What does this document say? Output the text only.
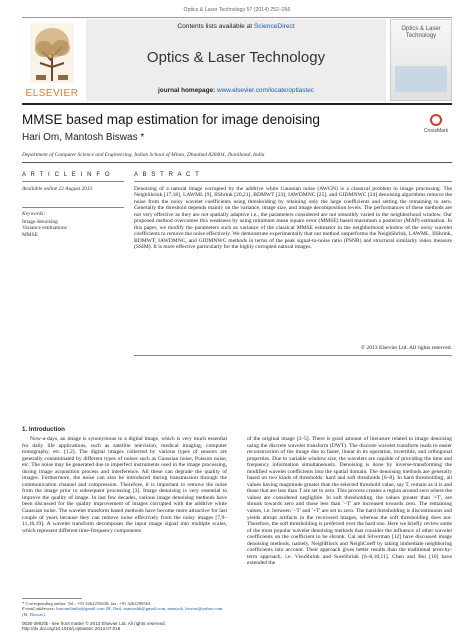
Optics & Laser Technology 57 (2014) 252–266
ELSEVIER
Contents lists available at ScienceDirect
Optics & Laser Technology
journal homepage: www.elsevier.com/locate/optlastec
Optics & Laser Technology
MMSE based map estimation for image denoising
Hari Om, Mantosh Biswas *
Department of Computer Science and Engineering, Indian School of Mines, Dhanbad 826004, Jharkhand, India
CrossMark
A R T I C L E I N F O
Available online 22 August 2013
Keywords:
Image denoising
Variance estimations
MMSE
A B S T R A C T
Denoising of a natural image corrupted by the additive white Gaussian noise (AWGN) is a classical problem in image processing. The NeighShrink [17,18], LAWML [9], IIShrink [20,21], BDMWT [23], IAWDMNC [25], and GIDMNWC [24] denoising algorithms remove the noise from the noisy wavelet coefficients using thresholding by retaining only the large coefficients and setting the remaining to zero. Generally the threshold depends mainly on the variance, image size, and image decomposition levels. The performances of these methods are not very effective as they are not spatially adaptive i.e., the parameters considered are not smoothly varied in the neighborhood window. Our proposed method overcomes this weakness by using minimum mean square error (MMSE) based maximum a posterior (MAP) estimation. In this paper, we modify the parameters such as variance of the classical MMSE estimator in the neighborhood window of the noisy wavelet coefficients to remove the noise effectively. We demonstrate experimentally that our method outperforms the NeighShrink, LAWML, IIShrink, BDMWT, IAWDMNC, and GIDMNWC methods in terms of the peak signal-to-noise ratio (PSNR) and structural similarity index measure (SSIM). It is more effective particularly for the highly corrupted natural images.
© 2013 Elsevier Ltd. All rights reserved.
1. Introduction

Now-a-days, an image is synonymous to a digital image, which is very much essential for daily life applications, such as satellite television, medical imaging, computer tomography, etc. [1,2]. The digital images collected by various types of sensors are generally contaminated by different types of noises such as Gaussian noise, Poisson noise, etc. The noise may be generated due to imperfect instruments used in the image processing, during image acquisition process and interference. All these can degrade the quality of images. Furthermore, the noise can also be introduced during transmission through the communication channel and compression. Therefore, it is important to remove the noise from the image prior to subsequent processing [3]. Image denoising is very essential to improve the quality of image. In last few decades, various image denoising methods have been discussed for the quality improvement of images corrupted with the additive white Gaussian noise. The wavelet transform based methods have become more attractive for last couple of years because they can remove noise effectively from the noisy images [7,9–11,16,19]. A wavelet transform decomposes the input image signal into multiple scales, which represent different time-frequency components

of the original image [3–5]. There is good amount of literature related to image denoising using the discrete wavelet transform (DWT). The discrete wavelet transform leads to easier reconstruction of the image due to faster, linear in its operation, invertible, and orthogonal properties. Due to variable window size, the wavelets are capable of providing the time and frequency information simultaneously. Denoising is done by inverse-transforming the modified wavelet coefficients into the spatial domain. The denoising methods are generally based on two kinds of thresholds: hard and soft thresholds [6–8]. In hard thresholding, all values having magnitude greater than the selected threshold value, say T, remain as it is and those that are less than T are set to zero. This process creates a region around zero where the values are considered negligible. In soft thresholding, the values greater than '+T', are shrunk towards zero and those less than '−T' are increased towards zero. The remaining values, i.e. between '−T' and '+T' are set to zero. The hard thresholding is discontinuous and yields abrupt artifacts in the recovered images, whereas the soft thresholding does not. Therefore, the soft thresholding is preferred over the hard one. Here we briefly review some of the most popular wavelet denoising methods that consider the influence of other wavelet coefficients on the coefficient to be shrunk. Cai and Silverman [12] have discussed image denoising methods, namely, NeighBlock and NeighCoeff by taking immediate neighboring coefficients into account. Their approach gives better results than the traditional term-by-term approach, i.e. VisuShrink and SureShrink [6–8,10,11]. Chen and Bui [16] have extended the

* Corresponding author. Tel.: +91 3262235638; fax: +91 3262296563.
E-mail addresses: hariom4india@gmail.com (H. Om), mantoshb@gmail.com, mantosh_biswas@yahoo.com (M. Biswas).
0030-3992/$ - see front matter © 2013 Elsevier Ltd. All rights reserved.
http://dx.doi.org/10.1016/j.optlastec.2013.07.018
